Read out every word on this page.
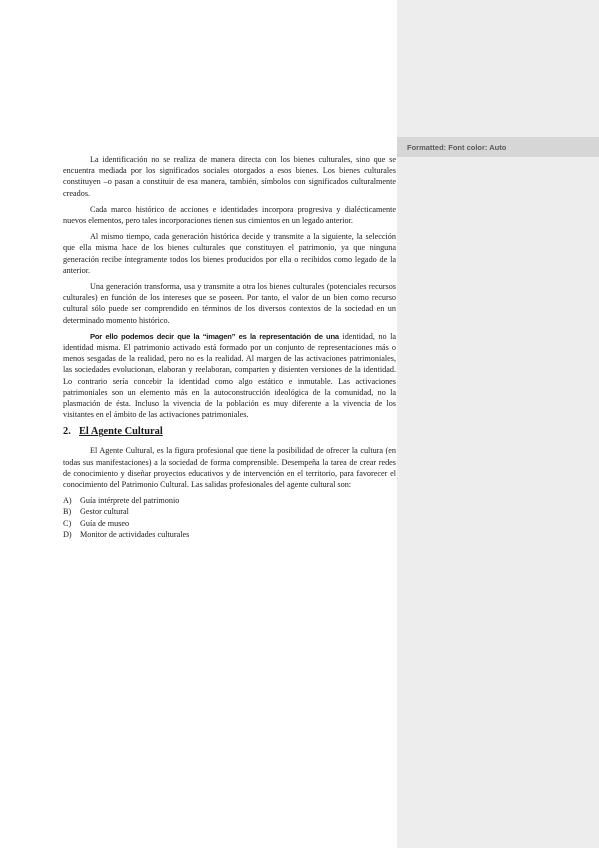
La identificación no se realiza de manera directa con los bienes culturales, sino que se encuentra mediada por los significados sociales otorgados a esos bienes. Los bienes culturales constituyen –o pasan a constituir de esa manera, también, símbolos con significados culturalmente creados.

Cada marco histórico de acciones e identidades incorpora progresiva y dialécticamente nuevos elementos, pero tales incorporaciones tienen sus cimientos en un legado anterior.

Al mismo tiempo, cada generación histórica decide y transmite a la siguiente, la selección que ella misma hace de los bienes culturales que constituyen el patrimonio, ya que ninguna generación recibe íntegramente todos los bienes producidos por ella o recibidos como legado de la anterior.

Una generación transforma, usa y transmite a otra los bienes culturales (potenciales recursos culturales) en función de los intereses que se poseen. Por tanto, el valor de un bien como recurso cultural sólo puede ser comprendido en términos de los diversos contextos de la sociedad en un determinado momento histórico.

Por ello podemos decir que la “imagen” es la representación de una identidad, no la identidad misma. El patrimonio activado está formado por un conjunto de representaciones más o menos sesgadas de la realidad, pero no es la realidad. Al margen de las activaciones patrimoniales, las sociedades evolucionan, elaboran y reelaboran, comparten y disienten versiones de la identidad. Lo contrario sería concebir la identidad como algo estático e inmutable. Las activaciones patrimoniales son un elemento más en la autoconstrucción ideológica de la comunidad, no la plasmación de ésta. Incluso la vivencia de la población es muy diferente a la vivencia de los visitantes en el ámbito de las activaciones patrimoniales.

2. El Agente Cultural

El Agente Cultural, es la figura profesional que tiene la posibilidad de ofrecer la cultura (en todas sus manifestaciones) a la sociedad de forma comprensible. Desempeña la tarea de crear redes de conocimiento y diseñar proyectos educativos y de intervención en el territorio, para favorecer el conocimiento del Patrimonio Cultural. Las salidas profesionales del agente cultural son:

A)	Guía intérprete del patrimonio
B)	Gestor cultural
C)	Guía de museo
D)	Monitor de actividades culturales
Formatted: Font color: Auto
